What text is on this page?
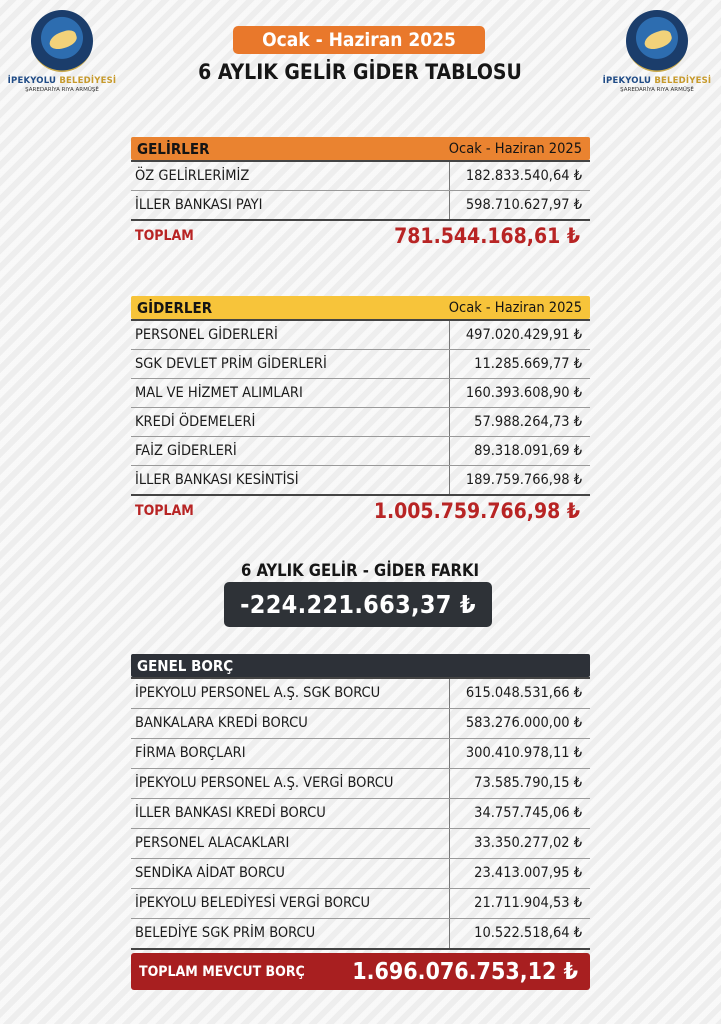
İPEKYOLU BELEDİYESİ
ŞAREDARİYA RIYA ARMÛŞÊ
İPEKYOLU BELEDİYESİ
ŞAREDARİYA RIYA ARMÛŞÊ
Ocak - Haziran 2025
6 AYLIK GELİR GİDER TABLOSU
GELİRLER	Ocak - Haziran 2025
ÖZ GELİRLERİMİZ	182.833.540,64 ₺
İLLER BANKASI PAYI	598.710.627,97 ₺
TOPLAM	781.544.168,61 ₺
GİDERLER	Ocak - Haziran 2025
PERSONEL GİDERLERİ	497.020.429,91 ₺
SGK DEVLET PRİM GİDERLERİ	11.285.669,77 ₺
MAL VE HİZMET ALIMLARI	160.393.608,90 ₺
KREDİ ÖDEMELERİ	57.988.264,73 ₺
FAİZ GİDERLERİ	89.318.091,69 ₺
İLLER BANKASI KESİNTİSİ	189.759.766,98 ₺
TOPLAM	1.005.759.766,98 ₺
6 AYLIK GELİR - GİDER FARKI
-224.221.663,37 ₺
GENEL BORÇ
İPEKYOLU PERSONEL A.Ş. SGK BORCU	615.048.531,66 ₺
BANKALARA KREDİ BORCU	583.276.000,00 ₺
FİRMA BORÇLARI	300.410.978,11 ₺
İPEKYOLU PERSONEL A.Ş. VERGİ BORCU	73.585.790,15 ₺
İLLER BANKASI KREDİ BORCU	34.757.745,06 ₺
PERSONEL ALACAKLARI	33.350.277,02 ₺
SENDİKA AİDAT BORCU	23.413.007,95 ₺
İPEKYOLU BELEDİYESİ VERGİ BORCU	21.711.904,53 ₺
BELEDİYE SGK PRİM BORCU	10.522.518,64 ₺
TOPLAM MEVCUT BORÇ 1.696.076.753,12 ₺
